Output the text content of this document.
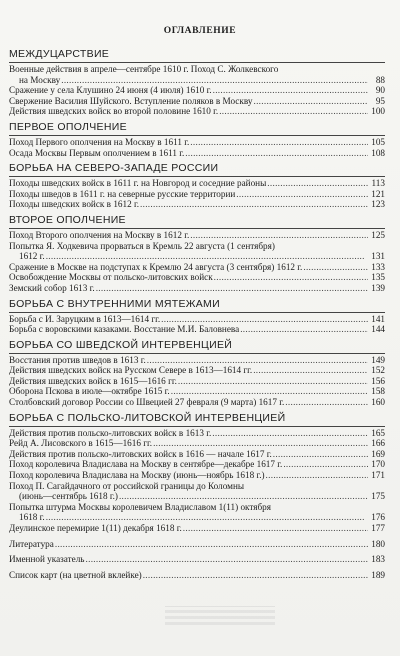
ОГЛАВЛЕНИЕ
МЕЖДУЦАРСТВИЕ
Военные действия в апреле—сентябре 1610 г. Поход С. Жолкевского
на Москву . . .	88
Сражение у села Клушино 24 июня (4 июля) 1610 г. . . .	90
Свержение Василия Шуйского. Вступление поляков в Москву . . .	95
Действия шведских войск во второй половине 1610 г. . . .	100
ПЕРВОЕ ОПОЛЧЕНИЕ
Поход Первого ополчения на Москву в 1611 г. . . .	105
Осада Москвы Первым ополчением в 1611 г. . . .	108
БОРЬБА НА СЕВЕРО-ЗАПАДЕ РОССИИ
Походы шведских войск в 1611 г. на Новгород и соседние районы . . .	113
Походы шведов в 1611 г. на северные русские территории . . .	121
Походы шведских войск в 1612 г. . . .	123
ВТОРОЕ ОПОЛЧЕНИЕ
Поход Второго ополчения на Москву в 1612 г. . . .	125
Попытка Я. Ходкевича прорваться в Кремль 22 августа (1 сентября)
1612 г. . . .	131
Сражение в Москве на подступах к Кремлю 24 августа (3 сентября) 1612 г. . . .	133
Освобождение Москвы от польско-литовских войск . . .	135
Земский собор 1613 г. . . .	139
БОРЬБА С ВНУТРЕННИМИ МЯТЕЖАМИ
Борьба с И. Заруцким в 1613—1614 гг. . . .	141
Борьба с воровскими казаками. Восстание М.И. Баловнева . . .	144
БОРЬБА СО ШВЕДСКОЙ ИНТЕРВЕНЦИЕЙ
Восстания против шведов в 1613 г. . . .	149
Действия шведских войск на Русском Севере в 1613—1614 гг. . . .	152
Действия шведских войск в 1615—1616 гг. . . .	156
Оборона Пскова в июле—октябре 1615 г. . . .	158
Столбовский договор России со Швецией 27 февраля (9 марта) 1617 г. . . .	160
БОРЬБА С ПОЛЬСКО-ЛИТОВСКОЙ ИНТЕРВЕНЦИЕЙ
Действия против польско-литовских войск в 1613 г. . . .	165
Рейд А. Лисовского в 1615—1616 гг. . . .	166
Действия против польско-литовских войск в 1616 — начале 1617 г. . . .	169
Поход королевича Владислава на Москву в сентябре—декабре 1617 г. . . .	170
Поход королевича Владислава на Москву (июнь—ноябрь 1618 г.) . . .	171
Поход П. Сагайдачного от российской границы до Коломны
(июнь—сентябрь 1618 г.) . . .	175
Попытка штурма Москвы королевичем Владиславом 1(11) октября
1618 г. . . .	176
Деулинское перемирие 1(11) декабря 1618 г. . . .	177
Литература . . .	180
Именной указатель . . .	183
Список карт (на цветной вклейке) . . .	189
